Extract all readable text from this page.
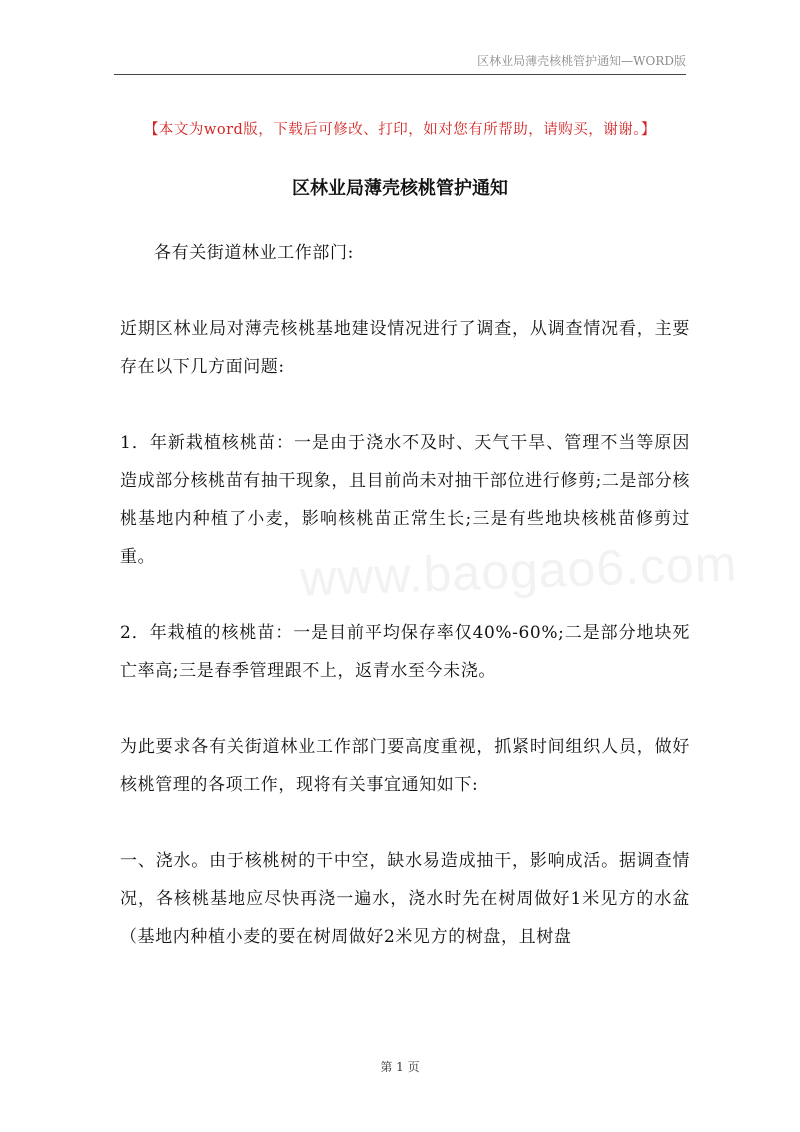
区林业局薄壳核桃管护通知—WORD版
【本文为word版，下载后可修改、打印，如对您有所帮助，请购买，谢谢。】
区林业局薄壳核桃管护通知
www.baogao6.com

各有关街道林业工作部门:

近期区林业局对薄壳核桃基地建设情况进行了调查，从调查情况看，主要存在以下几方面问题:

1．年新栽植核桃苗：一是由于浇水不及时、天气干旱、管理不当等原因造成部分核桃苗有抽干现象，且目前尚未对抽干部位进行修剪;二是部分核桃基地内种植了小麦，影响核桃苗正常生长;三是有些地块核桃苗修剪过重。

2．年栽植的核桃苗：一是目前平均保存率仅40%-60%;二是部分地块死亡率高;三是春季管理跟不上，返青水至今未浇。

为此要求各有关街道林业工作部门要高度重视，抓紧时间组织人员，做好核桃管理的各项工作，现将有关事宜通知如下:

一、浇水。由于核桃树的干中空，缺水易造成抽干，影响成活。据调查情况，各核桃基地应尽快再浇一遍水，浇水时先在树周做好1米见方的水盆（基地内种植小麦的要在树周做好2米见方的树盘，且树盘

第 1 页
